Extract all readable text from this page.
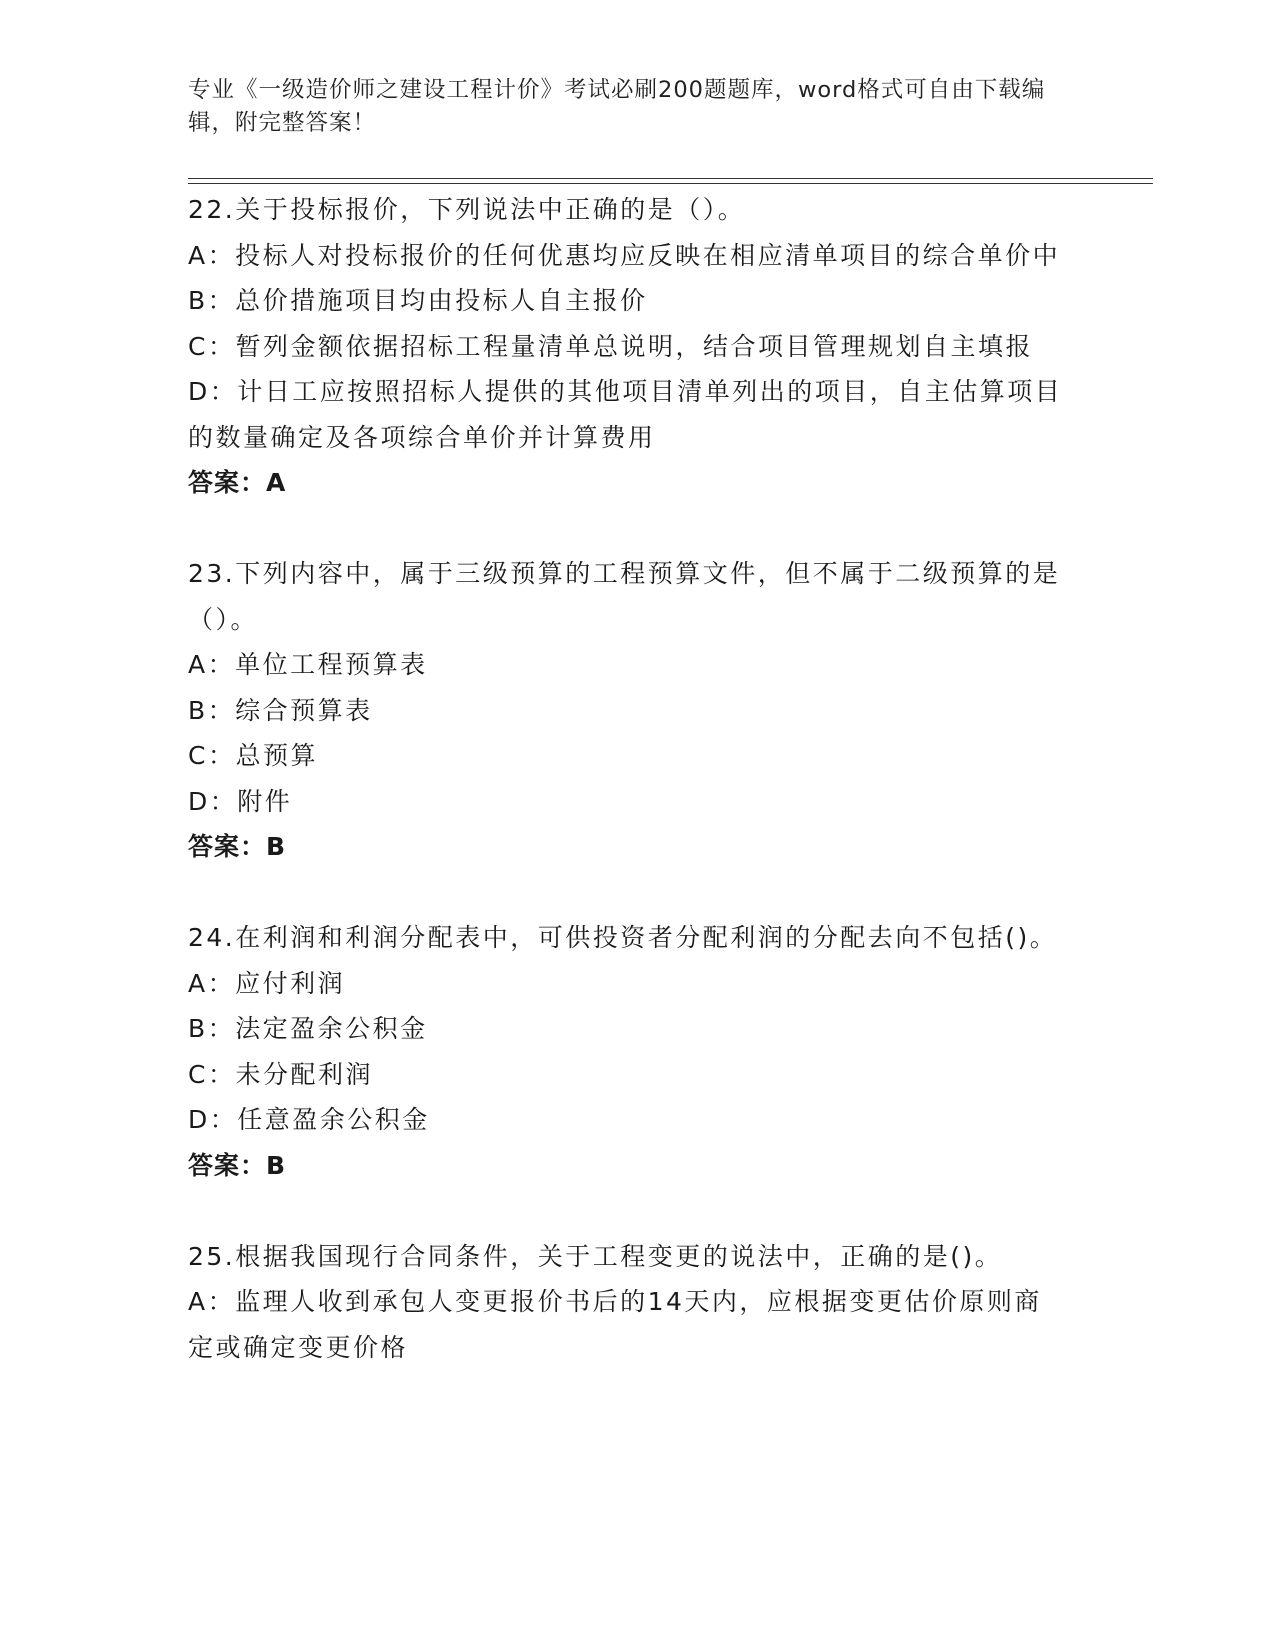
专业《一级造价师之建设工程计价》考试必刷200题题库，word格式可自由下载编辑，附完整答案！

22.关于投标报价，下列说法中正确的是（）。

A：投标人对投标报价的任何优惠均应反映在相应清单项目的综合单价中

B：总价措施项目均由投标人自主报价

C：暂列金额依据招标工程量清单总说明，结合项目管理规划自主填报

D：计日工应按照招标人提供的其他项目清单列出的项目，自主估算项目的数量确定及各项综合单价并计算费用

答案：A

23.下列内容中，属于三级预算的工程预算文件，但不属于二级预算的是（）。

A：单位工程预算表

B：综合预算表

C：总预算

D：附件

答案：B

24.在利润和利润分配表中，可供投资者分配利润的分配去向不包括()。

A：应付利润

B：法定盈余公积金

C：未分配利润

D：任意盈余公积金

答案：B

25.根据我国现行合同条件，关于工程变更的说法中，正确的是()。

A：监理人收到承包人变更报价书后的14天内，应根据变更估价原则商定或确定变更价格
